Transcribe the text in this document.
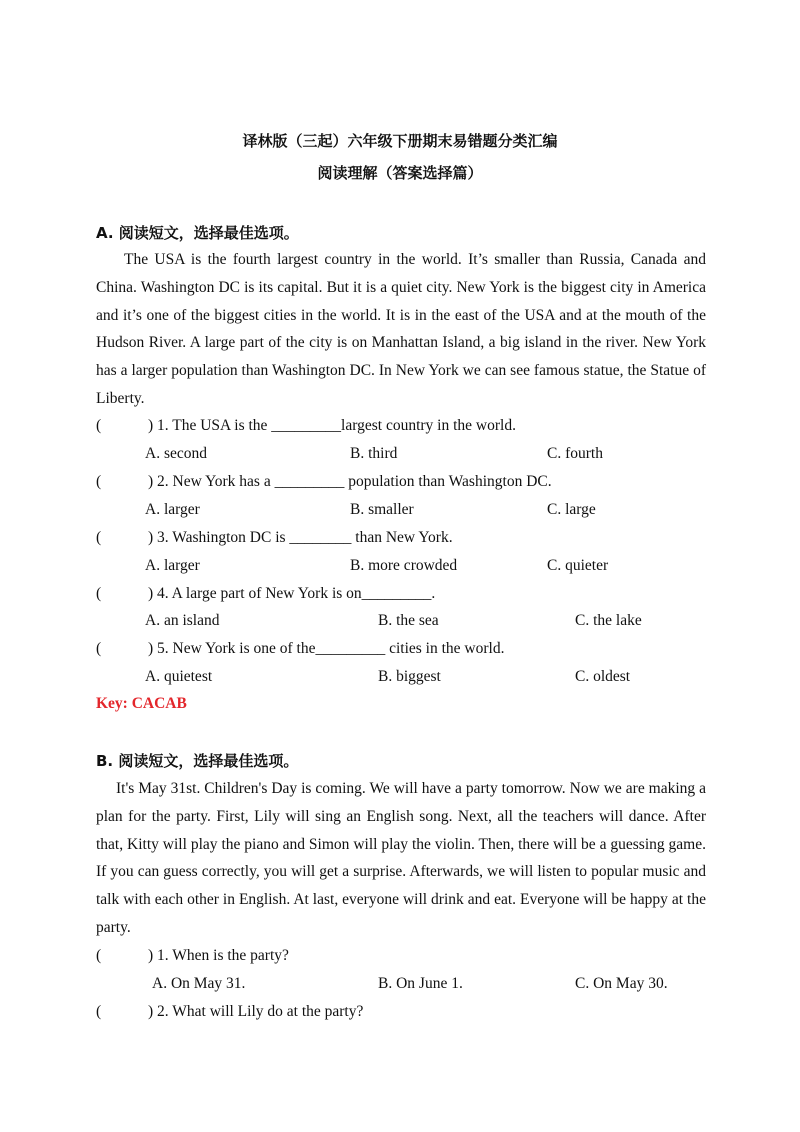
译林版（三起）六年级下册期末易错题分类汇编
阅读理解（答案选择篇）
A. 阅读短文，选择最佳选项。

The USA is the fourth largest country in the world. It’s smaller than Russia, Canada and China. Washington DC is its capital. But it is a quiet city. New York is the biggest city in America and it’s one of the biggest cities in the world. It is in the east of the USA and at the mouth of the Hudson River. A large part of the city is on Manhattan Island, a big island in the river. New York has a larger population than Washington DC. In New York we can see famous statue, the Statue of Liberty.

(	) 1. The USA is the _________largest country in the world.
A. second	B. third	C. fourth
(	) 2. New York has a _________ population than Washington DC.
A. larger	B. smaller	C. large
(	) 3. Washington DC is ________ than New York.
A. larger	B. more crowded	C. quieter
(	) 4. A large part of New York is on_________.
A. an island	B. the sea	C. the lake
(	) 5. New York is one of the_________ cities in the world.
A. quietest	B. biggest	C. oldest
Key: CACAB
B. 阅读短文，选择最佳选项。

It's May 31st. Children's Day is coming. We will have a party tomorrow. Now we are making a plan for the party. First, Lily will sing an English song. Next, all the teachers will dance. After that, Kitty will play the piano and Simon will play the violin. Then, there will be a guessing game. If you can guess correctly, you will get a surprise. Afterwards, we will listen to popular music and talk with each other in English. At last, everyone will drink and eat. Everyone will be happy at the party.

(	) 1. When is the party?
A. On May 31.	B. On June 1.	C. On May 30.
(	) 2. What will Lily do at the party?
